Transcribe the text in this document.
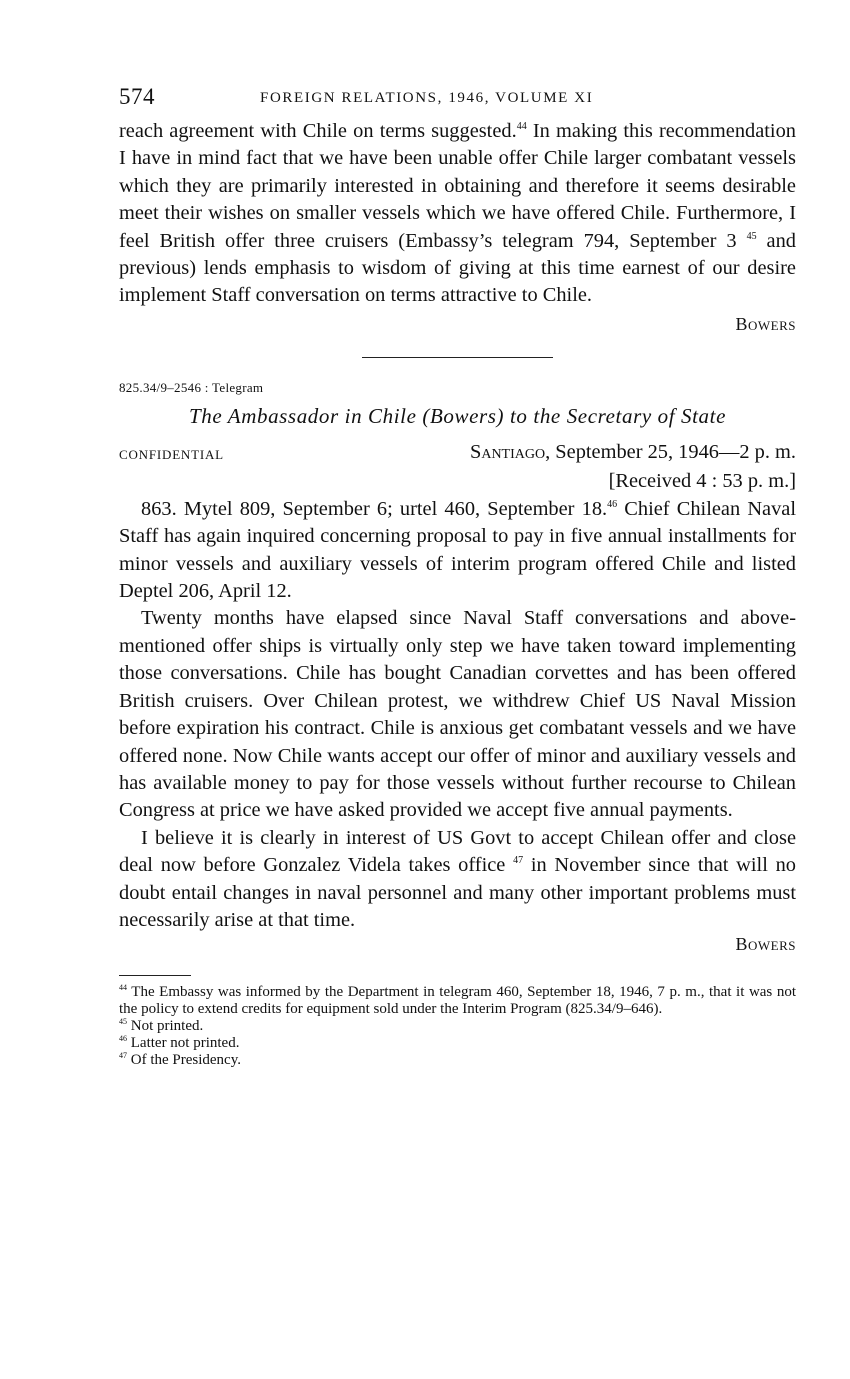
574	FOREIGN RELATIONS, 1946, VOLUME XI

reach agreement with Chile on terms suggested.$^{44}$ In making this recommendation I have in mind fact that we have been unable offer Chile larger combatant vessels which they are primarily interested in obtaining and therefore it seems desirable meet their wishes on smaller vessels which we have offered Chile. Furthermore, I feel British offer three cruisers (Embassy’s telegram 794, September 3 $^{45}$ and previous) lends emphasis to wisdom of giving at this time earnest of our desire implement Staff conversation on terms attractive to Chile.

Bowers

825.34/9–2546 : Telegram

The Ambassador in Chile (Bowers) to the Secretary of State

CONFIDENTIAL	Santiago, September 25, 1946—2 p. m.

[Received 4 : 53 p. m.]

863. Mytel 809, September 6; urtel 460, September 18.46 Chief Chilean Naval Staff has again inquired concerning proposal to pay in five annual installments for minor vessels and auxiliary vessels of interim program offered Chile and listed Deptel 206, April 12.

Twenty months have elapsed since Naval Staff conversations and above-mentioned offer ships is virtually only step we have taken toward implementing those conversations. Chile has bought Canadian corvettes and has been offered British cruisers. Over Chilean protest, we withdrew Chief US Naval Mission before expiration his contract. Chile is anxious get combatant vessels and we have offered none. Now Chile wants accept our offer of minor and auxiliary vessels and has available money to pay for those vessels without further recourse to Chilean Congress at price we have asked provided we accept five annual payments.

I believe it is clearly in interest of US Govt to accept Chilean offer and close deal now before Gonzalez Videla takes office $^{47}$ in November since that will no doubt entail changes in naval personnel and many other important problems must necessarily arise at that time.

Bowers

$^{44}$ The Embassy was informed by the Department in telegram 460, September 18, 1946, 7 p. m., that it was not the policy to extend credits for equipment sold under the Interim Program (825.34/9–646).

$^{45}$ Not printed.

$^{46}$ Latter not printed.

$^{47}$ Of the Presidency.
